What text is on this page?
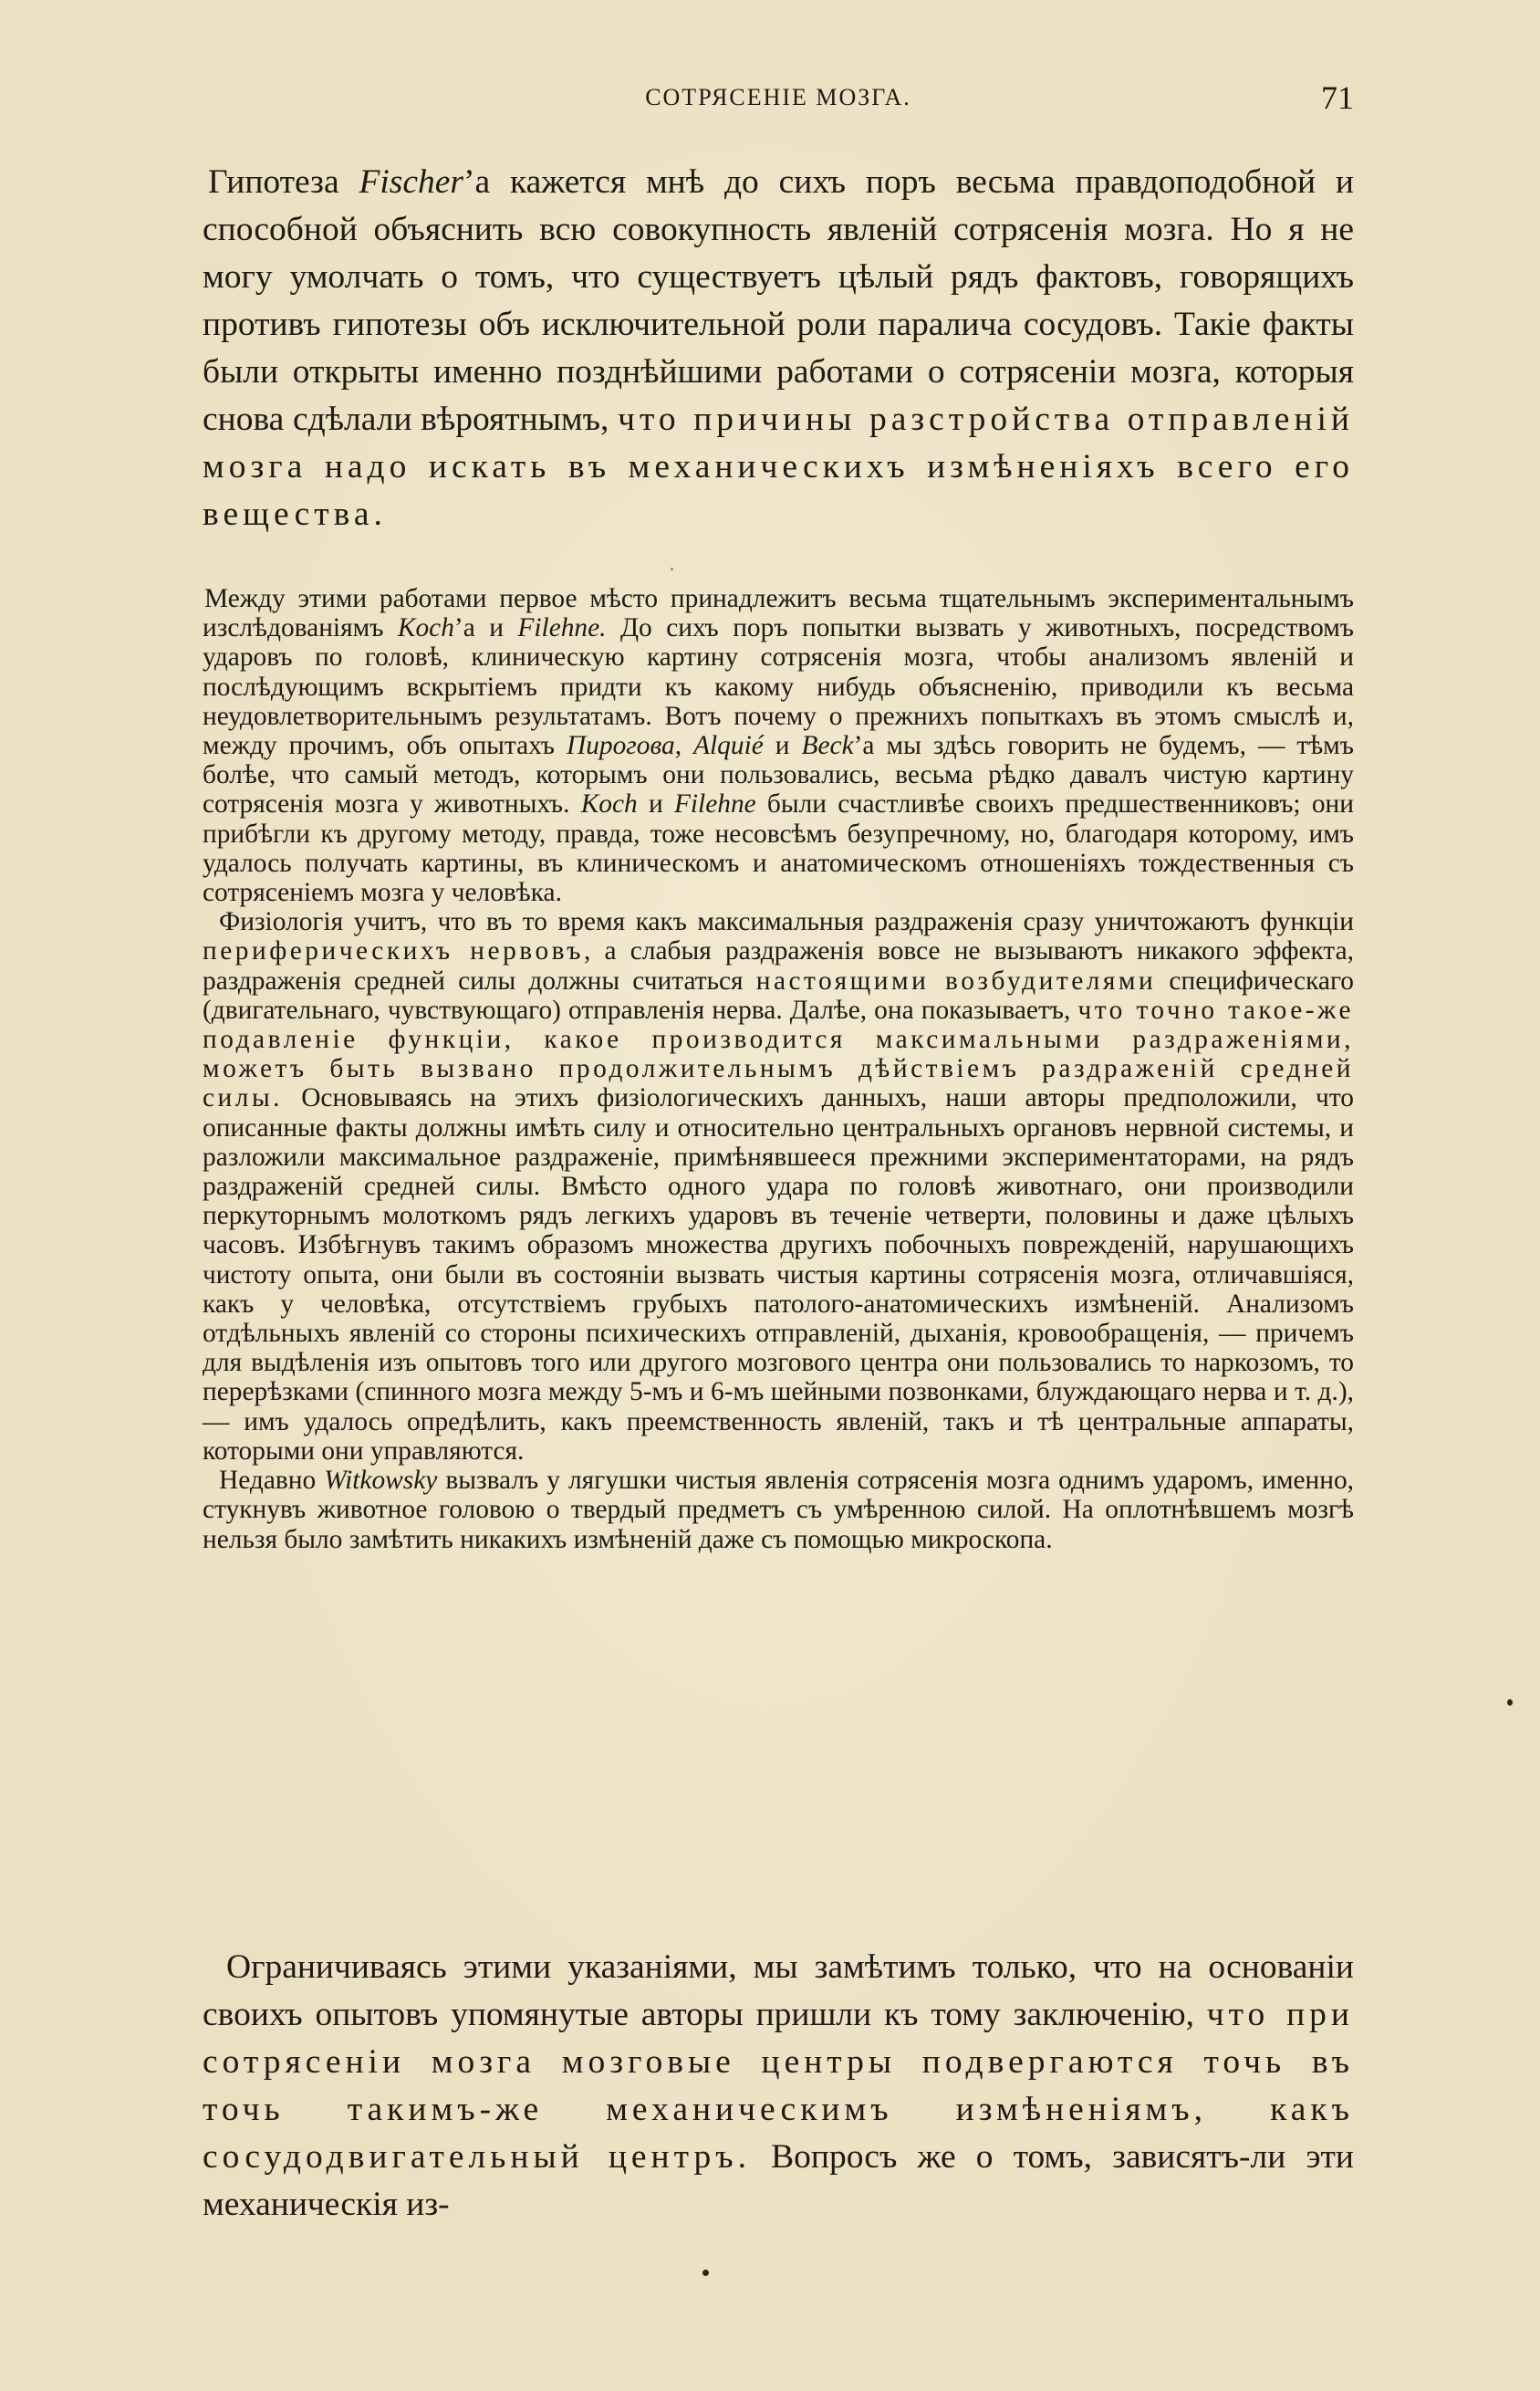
СОТРЯСЕНІЕ МОЗГА.	71

Гипотеза Fischer’а кажется мнѣ до сихъ поръ весьма правдоподобной и способной объяснить всю совокупность явленій сотрясенія мозга. Но я не могу умолчать о томъ, что существуетъ цѣлый рядъ фактовъ, говорящихъ противъ гипотезы объ исключительной роли паралича сосудовъ. Такіе факты были открыты именно позднѣйшими работами о сотрясеніи мозга, которыя снова сдѣлали вѣроятнымъ, что причины разстройства отправленій мозга надо искать въ механическихъ измѣненіяхъ всего его вещества.

Между этими работами первое мѣсто принадлежитъ весьма тщательнымъ экспериментальнымъ изслѣдованіямъ Koch’а и Filehne. До сихъ поръ попытки вызвать у животныхъ, посредствомъ ударовъ по головѣ, клиническую картину сотрясенія мозга, чтобы анализомъ явленій и послѣдующимъ вскрытіемъ придти къ какому нибудь объясненію, приводили къ весьма неудовлетворительнымъ результатамъ. Вотъ почему о прежнихъ попыткахъ въ этомъ смыслѣ и, между прочимъ, объ опытахъ Пирогова, Alquié и Beck’а мы здѣсь говорить не будемъ, — тѣмъ болѣе, что самый методъ, которымъ они пользовались, весьма рѣдко давалъ чистую картину сотрясенія мозга у животныхъ. Koch и Filehne были счастливѣе своихъ предшественниковъ; они прибѣгли къ другому методу, правда, тоже несовсѣмъ безупречному, но, благодаря которому, имъ удалось получать картины, въ клиническомъ и анатомическомъ отношеніяхъ тождественныя съ сотрясеніемъ мозга у человѣка.

Физіологія учитъ, что въ то время какъ максимальныя раздраженія сразу уничтожаютъ функціи периферическихъ нервовъ, а слабыя раздраженія вовсе не вызываютъ никакого эффекта, раздраженія средней силы должны считаться настоящими возбудителями специфическаго (двигательнаго, чувствующаго) отправленія нерва. Далѣе, она показываетъ, что точно такое-же подавленіе функціи, какое производится максимальными раздраженіями, можетъ быть вызвано продолжительнымъ дѣйствіемъ раздраженій средней силы. Основываясь на этихъ физіологическихъ данныхъ, наши авторы предположили, что описанные факты должны имѣть силу и относительно центральныхъ органовъ нервной системы, и разложили максимальное раздраженіе, примѣнявшееся прежними экспериментаторами, на рядъ раздраженій средней силы. Вмѣсто одного удара по головѣ животнаго, они производили перкуторнымъ молоткомъ рядъ легкихъ ударовъ въ теченіе четверти, половины и даже цѣлыхъ часовъ. Избѣгнувъ такимъ образомъ множества другихъ побочныхъ поврежденій, нарушающихъ чистоту опыта, они были въ состояніи вызвать чистыя картины сотрясенія мозга, отличавшіяся, какъ у человѣка, отсутствіемъ грубыхъ патолого-анатомическихъ измѣненій. Анализомъ отдѣльныхъ явленій со стороны психическихъ отправленій, дыханія, кровообращенія, — причемъ для выдѣленія изъ опытовъ того или другого мозгового центра они пользовались то наркозомъ, то перерѣзками (спинного мозга между 5-мъ и 6-мъ шейными позвонками, блуждающаго нерва и т. д.), — имъ удалось опредѣлить, какъ преемственность явленій, такъ и тѣ центральные аппараты, которыми они управляются.

Недавно Witkowsky вызвалъ у лягушки чистыя явленія сотрясенія мозга однимъ ударомъ, именно, стукнувъ животное головою о твердый предметъ съ умѣренною силой. На оплотнѣвшемъ мозгѣ нельзя было замѣтить никакихъ измѣненій даже съ помощью микроскопа.

Ограничиваясь этими указаніями, мы замѣтимъ только, что на основаніи своихъ опытовъ упомянутые авторы пришли къ тому заключенію, что при сотрясеніи мозга мозговые центры подвергаются точь въ точь такимъ-же механическимъ измѣненіямъ, какъ сосудодвигательный центръ. Вопросъ же о томъ, зависятъ-ли эти механическія из-
